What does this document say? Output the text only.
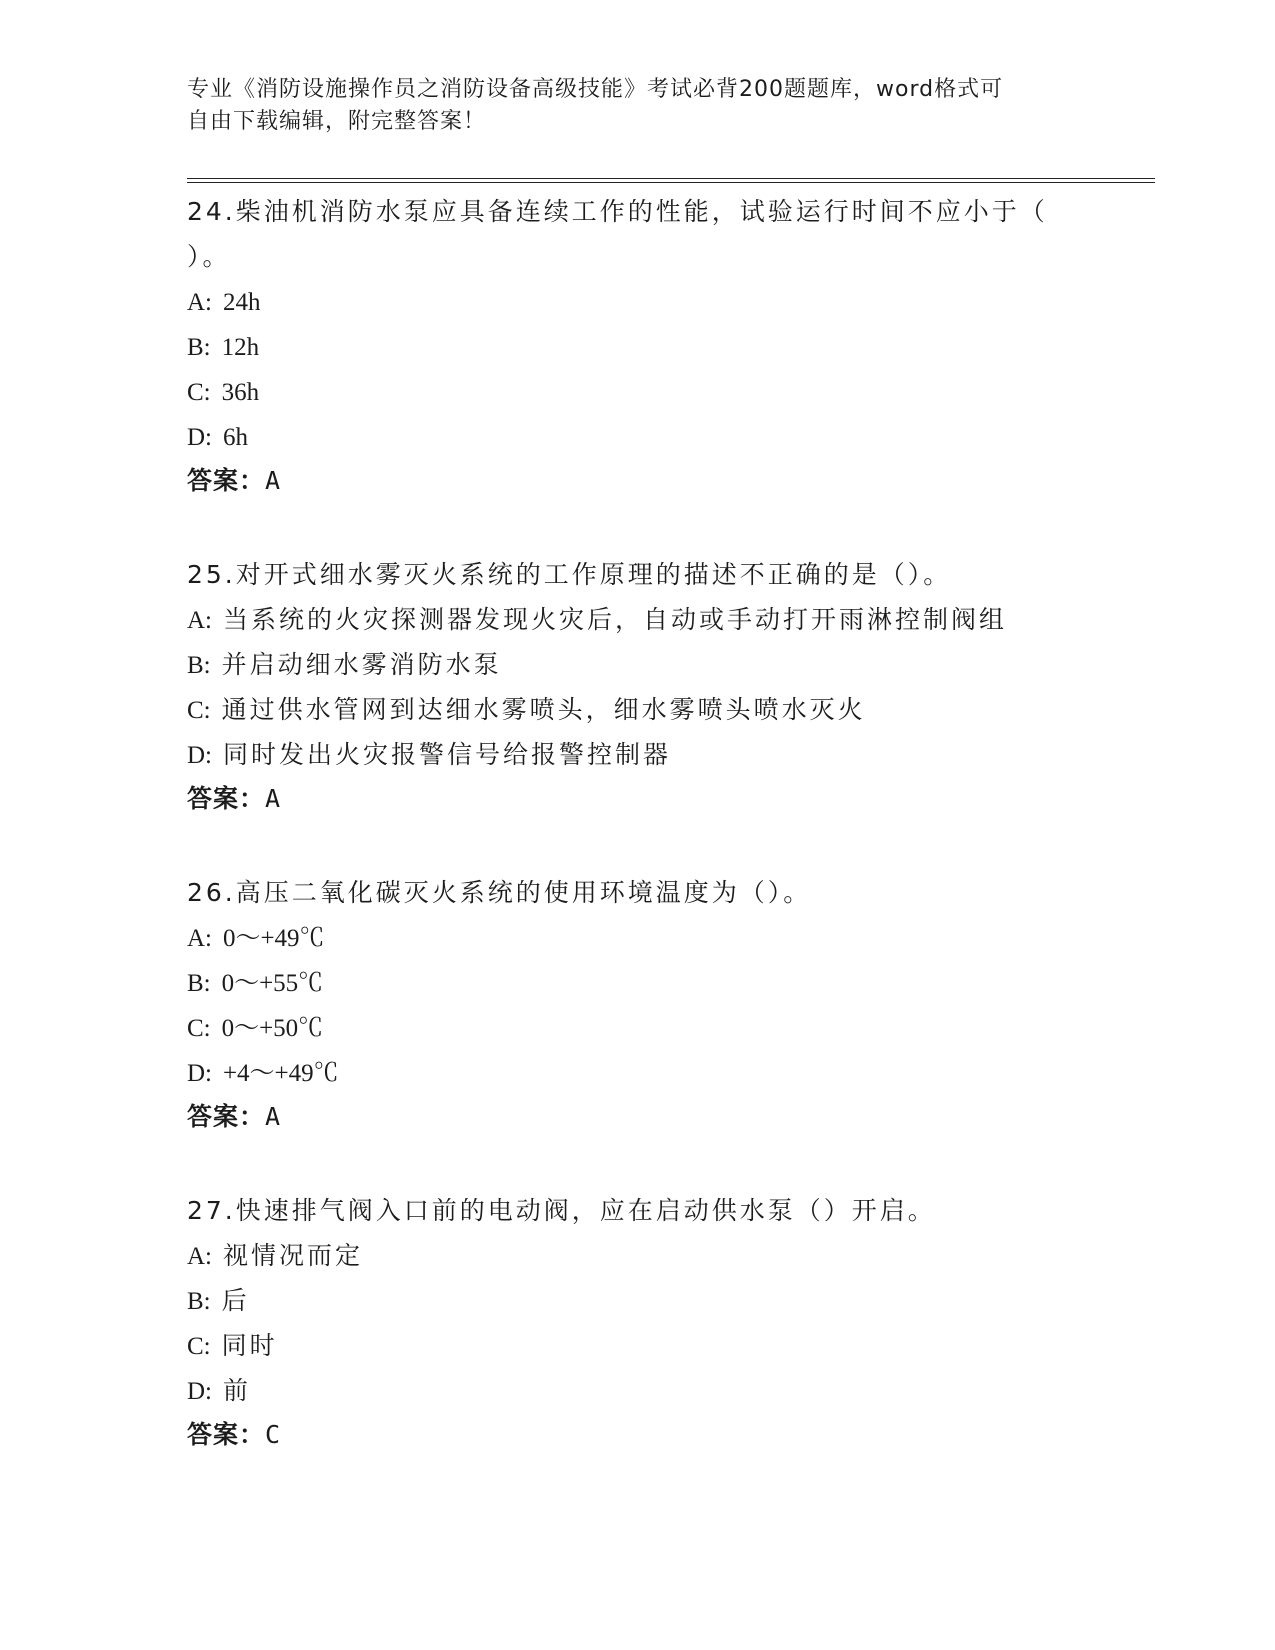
专业《消防设施操作员之消防设备高级技能》考试必背200题题库，word格式可
自由下载编辑，附完整答案！
24.柴油机消防水泵应具备连续工作的性能，试验运行时间不应小于（ ）。
A: 24h
B: 12h
C: 36h
D: 6h
答案：A
25.对开式细水雾灭火系统的工作原理的描述不正确的是（）。
A: 当系统的火灾探测器发现火灾后，自动或手动打开雨淋控制阀组
B: 并启动细水雾消防水泵
C: 通过供水管网到达细水雾喷头，细水雾喷头喷水灭火
D: 同时发出火灾报警信号给报警控制器
答案：A
26.高压二氧化碳灭火系统的使用环境温度为（）。
A: 0～+49℃
B: 0～+55℃
C: 0～+50℃
D: +4～+49℃
答案：A
27.快速排气阀入口前的电动阀，应在启动供水泵（）开启。
A: 视情况而定
B: 后
C: 同时
D: 前
答案：C
